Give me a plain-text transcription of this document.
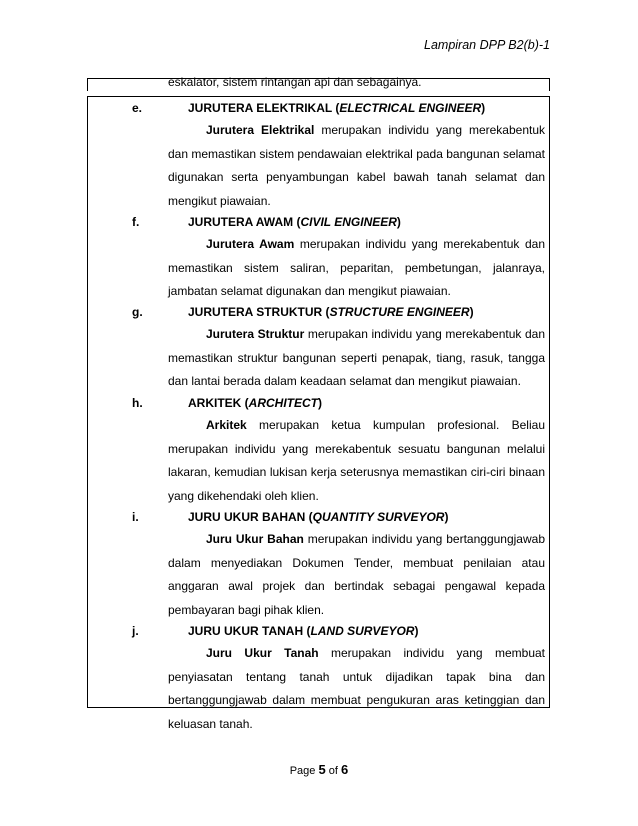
Lampiran DPP B2(b)-1
eskalator, sistem rintangan api dan sebagainya.
e.	JURUTERA ELEKTRIKAL (ELECTRICAL ENGINEER)
Jurutera Elektrikal merupakan individu yang merekabentuk dan memastikan sistem pendawaian elektrikal pada bangunan selamat digunakan serta penyambungan kabel bawah tanah selamat dan mengikut piawaian.
f.	JURUTERA AWAM (CIVIL ENGINEER)
Jurutera Awam merupakan individu yang merekabentuk dan memastikan sistem saliran, peparitan, pembetungan, jalanraya, jambatan selamat digunakan dan mengikut piawaian.
g.	JURUTERA STRUKTUR (STRUCTURE ENGINEER)
Jurutera Struktur merupakan individu yang merekabentuk dan memastikan struktur bangunan seperti penapak, tiang, rasuk, tangga dan lantai berada dalam keadaan selamat dan mengikut piawaian.
h.	ARKITEK (ARCHITECT)
Arkitek merupakan ketua kumpulan profesional. Beliau merupakan individu yang merekabentuk sesuatu bangunan melalui lakaran, kemudian lukisan kerja seterusnya memastikan ciri-ciri binaan yang dikehendaki oleh klien.
i.	JURU UKUR BAHAN (QUANTITY SURVEYOR)
Juru Ukur Bahan merupakan individu yang bertanggungjawab dalam menyediakan Dokumen Tender, membuat penilaian atau anggaran awal projek dan bertindak sebagai pengawal kepada pembayaran bagi pihak klien.
j.	JURU UKUR TANAH (LAND SURVEYOR)
Juru Ukur Tanah merupakan individu yang membuat penyiasatan tentang tanah untuk dijadikan tapak bina dan bertanggungjawab dalam membuat pengukuran aras ketinggian dan keluasan tanah.
Page 5 of 6
